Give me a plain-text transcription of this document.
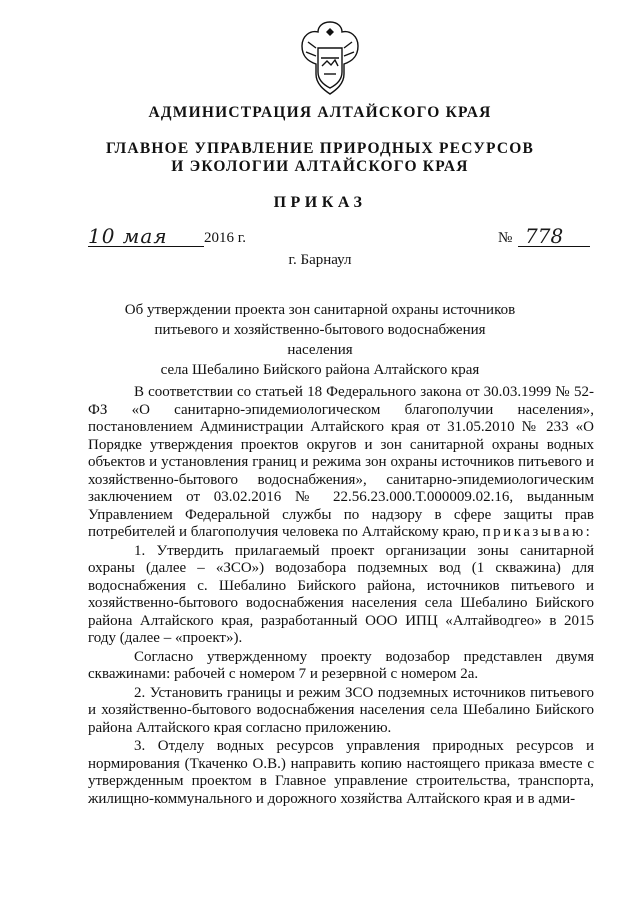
АДМИНИСТРАЦИЯ АЛТАЙСКОГО КРАЯ
ГЛАВНОЕ УПРАВЛЕНИЕ ПРИРОДНЫХ РЕСУРСОВ
И ЭКОЛОГИИ АЛТАЙСКОГО КРАЯ
ПРИКАЗ
10 мая 2016 г.	№ 778
г. Барнаул
Об утверждении проекта зон санитарной охраны источников
питьевого и хозяйственно-бытового водоснабжения населения
села Шебалино Бийского района Алтайского края

В соответствии со статьей 18 Федерального закона от 30.03.1999 № 52-ФЗ «О санитарно-эпидемиологическом благополучии населения», постановлением Администрации Алтайского края от 31.05.2010 № 233 «О Порядке утверждения проектов округов и зон санитарной охраны водных объектов и установления границ и режима зон охраны источников питьевого и хозяйственно-бытового водоснабжения», санитарно-эпидемиологическим заключением от 03.02.2016 № 22.56.23.000.Т.000009.02.16, выданным Управлением Федеральной службы по надзору в сфере защиты прав потребителей и благополучия человека по Алтайскому краю, приказываю:

1. Утвердить прилагаемый проект организации зоны санитарной охраны (далее – «ЗСО») водозабора подземных вод (1 скважина) для водоснабжения с. Шебалино Бийского района, источников питьевого и хозяйственно-бытового водоснабжения населения села Шебалино Бийского района Алтайского края, разработанный ООО ИПЦ «Алтайводгео» в 2015 году (далее – «проект»).

Согласно утвержденному проекту водозабор представлен двумя скважинами: рабочей с номером 7 и резервной с номером 2а.

2. Установить границы и режим ЗСО подземных источников питьевого и хозяйственно-бытового водоснабжения населения села Шебалино Бийского района Алтайского края согласно приложению.

3. Отделу водных ресурсов управления природных ресурсов и нормирования (Ткаченко О.В.) направить копию настоящего приказа вместе с утвержденным проектом в Главное управление строительства, транспорта, жилищно-коммунального и дорожного хозяйства Алтайского края и в адми-
